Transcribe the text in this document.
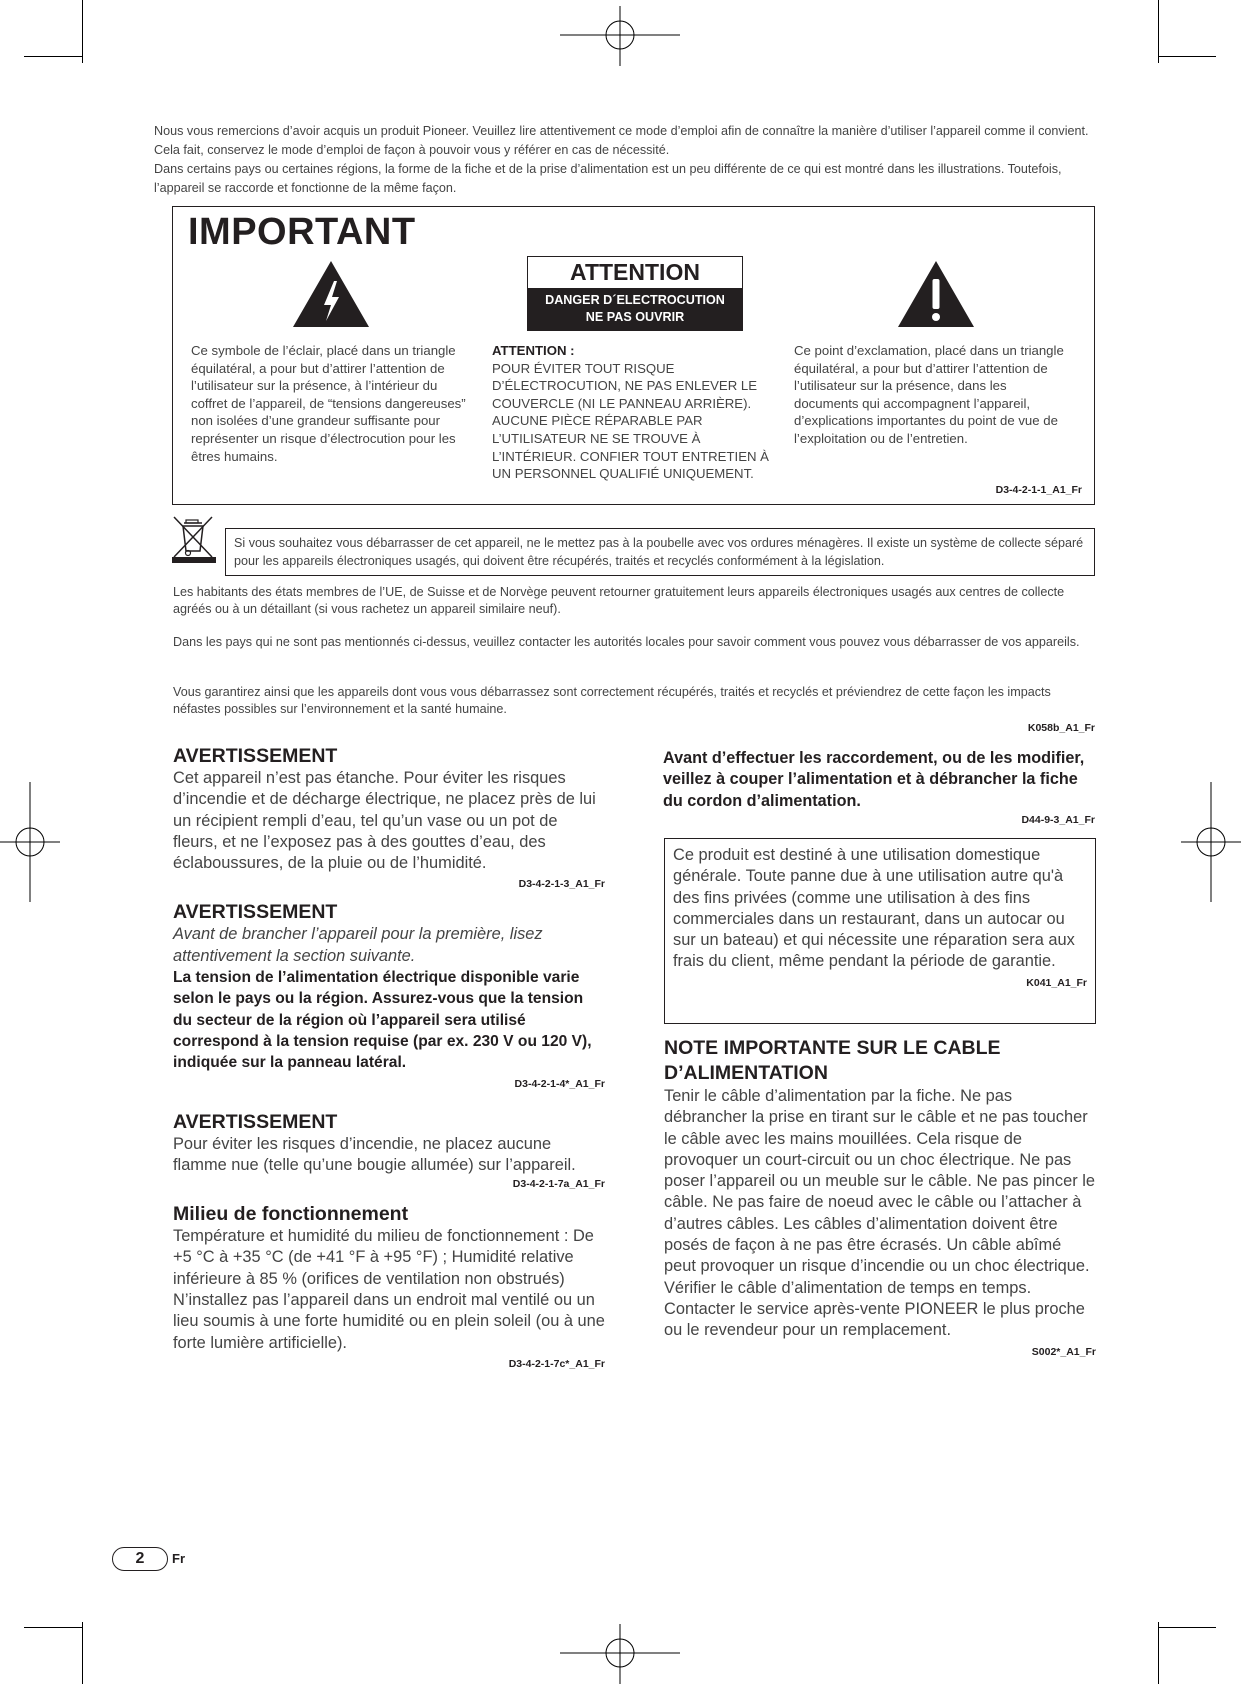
Nous vous remercions d’avoir acquis un produit Pioneer. Veuillez lire attentivement ce mode d’emploi afin de connaître la manière d’utiliser l’appareil comme il convient. Cela fait, conservez le mode d’emploi de façon à pouvoir vous y référer en cas de nécessité.
Dans certains pays ou certaines régions, la forme de la fiche et de la prise d’alimentation est un peu différente de ce qui est montré dans les illustrations. Toutefois, l’appareil se raccorde et fonctionne de la même façon.
IMPORTANT
ATTENTION
DANGER D´ELECTROCUTION
NE PAS OUVRIR
Ce symbole de l’éclair, placé dans un triangle équilatéral, a pour but d’attirer l’attention de l’utilisateur sur la présence, à l’intérieur du coffret de l’appareil, de “tensions dangereuses” non isolées d’une grandeur suffisante pour représenter un risque d’électrocution pour les êtres humains.
ATTENTION :
POUR ÉVITER TOUT RISQUE D’ÉLECTROCUTION, NE PAS ENLEVER LE COUVERCLE (NI LE PANNEAU ARRIÈRE). AUCUNE PIÈCE RÉPARABLE PAR L’UTILISATEUR NE SE TROUVE À L’INTÉRIEUR. CONFIER TOUT ENTRETIEN À UN PERSONNEL QUALIFIÉ UNIQUEMENT.
Ce point d’exclamation, placé dans un triangle équilatéral, a pour but d’attirer l’attention de l’utilisateur sur la présence, dans les documents qui accompagnent l’appareil, d’explications importantes du point de vue de l’exploitation ou de l’entretien.
D3-4-2-1-1_A1_Fr
Si vous souhaitez vous débarrasser de cet appareil, ne le mettez pas à la poubelle avec vos ordures ménagères. Il existe un système de collecte séparé pour les appareils électroniques usagés, qui doivent être récupérés, traités et recyclés conformément à la législation.
Les habitants des états membres de l’UE, de Suisse et de Norvège peuvent retourner gratuitement leurs appareils électroniques usagés aux centres de collecte agréés ou à un détaillant (si vous rachetez un appareil similaire neuf).
Dans les pays qui ne sont pas mentionnés ci-dessus, veuillez contacter les autorités locales pour savoir comment vous pouvez vous débarrasser de vos appareils.
Vous garantirez ainsi que les appareils dont vous vous débarrassez sont correctement récupérés, traités et recyclés et préviendrez de cette façon les impacts néfastes possibles sur l’environnement et la santé humaine.
K058b_A1_Fr
AVERTISSEMENT
Cet appareil n’est pas étanche. Pour éviter les risques d’incendie et de décharge électrique, ne placez près de lui un récipient rempli d’eau, tel qu’un vase ou un pot de fleurs, et ne l’exposez pas à des gouttes d’eau, des éclaboussures, de la pluie ou de l’humidité.
D3-4-2-1-3_A1_Fr
AVERTISSEMENT
Avant de brancher l’appareil pour la première, lisez attentivement la section suivante.
La tension de l’alimentation électrique disponible varie selon le pays ou la région. Assurez-vous que la tension du secteur de la région où l’appareil sera utilisé correspond à la tension requise (par ex. 230 V ou 120 V), indiquée sur la panneau latéral.
D3-4-2-1-4*_A1_Fr
AVERTISSEMENT
Pour éviter les risques d’incendie, ne placez aucune flamme nue (telle qu’une bougie allumée) sur l’appareil.
D3-4-2-1-7a_A1_Fr
Milieu de fonctionnement
Température et humidité du milieu de fonctionnement : De +5 °C à +35 °C (de +41 °F à +95 °F) ; Humidité relative inférieure à 85 % (orifices de ventilation non obstrués)
N’installez pas l’appareil dans un endroit mal ventilé ou un lieu soumis à une forte humidité ou en plein soleil (ou à une forte lumière artificielle).
D3-4-2-1-7c*_A1_Fr
Avant d’effectuer les raccordement, ou de les modifier, veillez à couper l’alimentation et à débrancher la fiche du cordon d’alimentation.
D44-9-3_A1_Fr
Ce produit est destiné à une utilisation domestique générale. Toute panne due à une utilisation autre qu'à des fins privées (comme une utilisation à des fins commerciales dans un restaurant, dans un autocar ou sur un bateau) et qui nécessite une réparation sera aux frais du client, même pendant la période de garantie.
K041_A1_Fr
NOTE IMPORTANTE SUR LE CABLE D’ALIMENTATION
Tenir le câble d’alimentation par la fiche. Ne pas débrancher la prise en tirant sur le câble et ne pas toucher le câble avec les mains mouillées. Cela risque de provoquer un court-circuit ou un choc électrique. Ne pas poser l’appareil ou un meuble sur le câble. Ne pas pincer le câble. Ne pas faire de noeud avec le câble ou l’attacher à d’autres câbles. Les câbles d’alimentation doivent être posés de façon à ne pas être écrasés. Un câble abîmé peut provoquer un risque d’incendie ou un choc électrique. Vérifier le câble d’alimentation de temps en temps. Contacter le service après-vente PIONEER le plus proche ou le revendeur pour un remplacement.
S002*_A1_Fr
2	Fr
